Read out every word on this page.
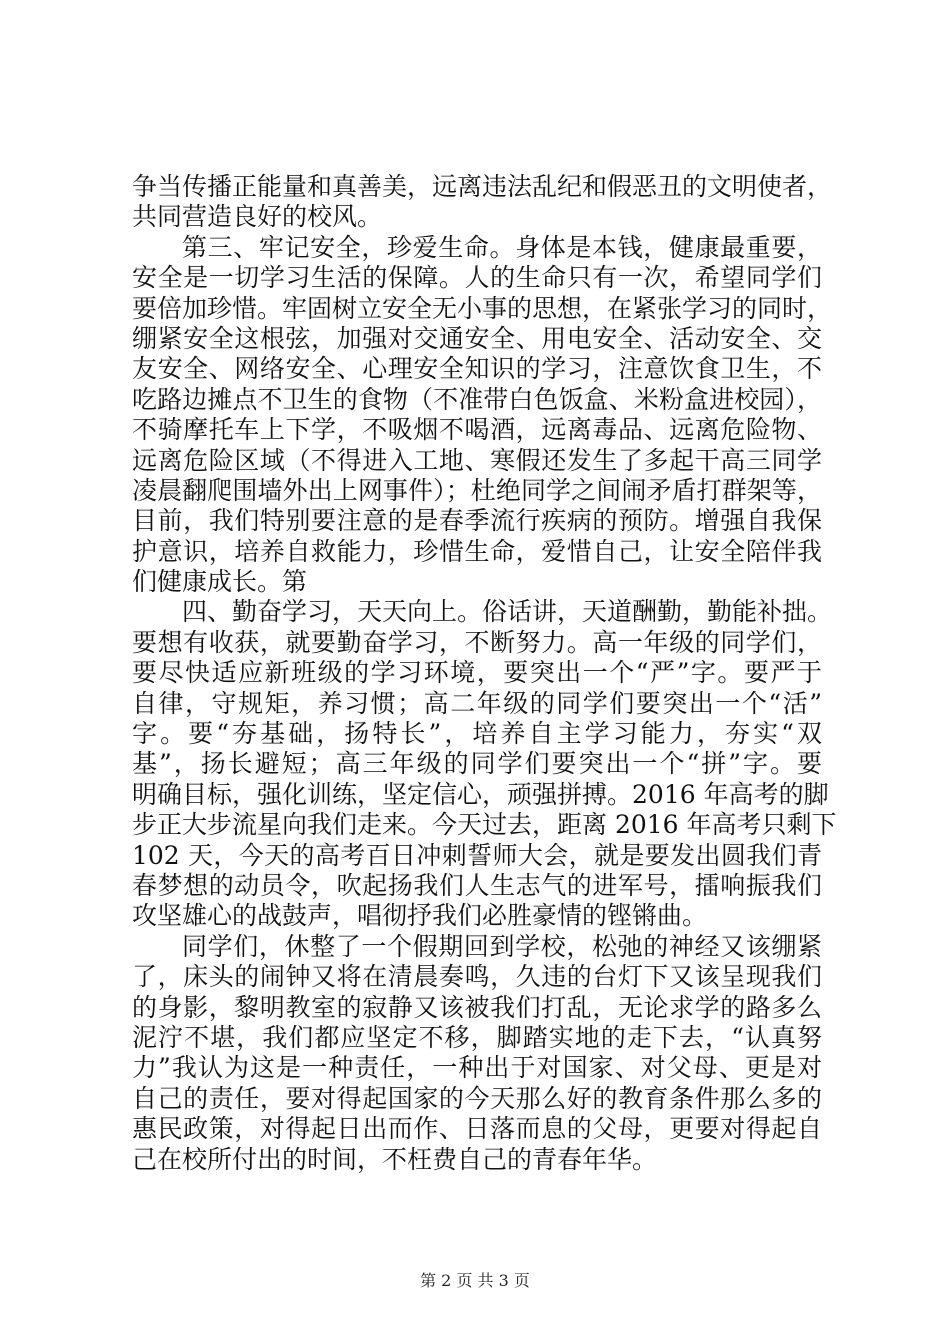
争当传播正能量和真善美，远离违法乱纪和假恶丑的文明使者，
共同营造良好的校风。
第三、牢记安全，珍爱生命。身体是本钱，健康最重要，
安全是一切学习生活的保障。人的生命只有一次，希望同学们
要倍加珍惜。牢固树立安全无小事的思想，在紧张学习的同时，
绷紧安全这根弦，加强对交通安全、用电安全、活动安全、交
友安全、网络安全、心理安全知识的学习，注意饮食卫生，不
吃路边摊点不卫生的食物（不准带白色饭盒、米粉盒进校园），
不骑摩托车上下学，不吸烟不喝酒，远离毒品、远离危险物、
远离危险区域（不得进入工地、寒假还发生了多起干高三同学
凌晨翻爬围墙外出上网事件）；杜绝同学之间闹矛盾打群架等，
目前，我们特别要注意的是春季流行疾病的预防。增强自我保
护意识，培养自救能力，珍惜生命，爱惜自己，让安全陪伴我
们健康成长。第
四、勤奋学习，天天向上。俗话讲，天道酬勤，勤能补拙。
要想有收获，就要勤奋学习，不断努力。高一年级的同学们，
要尽快适应新班级的学习环境，要突出一个“严”字。要严于
自律，守规矩，养习惯；高二年级的同学们要突出一个“活”
字。要“夯基础，扬特长”，培养自主学习能力，夯实“双
基”，扬长避短；高三年级的同学们要突出一个“拼”字。要
明确目标，强化训练，坚定信心，顽强拼搏。2016 年高考的脚
步正大步流星向我们走来。今天过去，距离 2016 年高考只剩下
102 天，今天的高考百日冲刺誓师大会，就是要发出圆我们青
春梦想的动员令，吹起扬我们人生志气的进军号，擂响振我们
攻坚雄心的战鼓声，唱彻抒我们必胜豪情的铿锵曲。
同学们，休整了一个假期回到学校，松弛的神经又该绷紧
了，床头的闹钟又将在清晨奏鸣，久违的台灯下又该呈现我们
的身影，黎明教室的寂静又该被我们打乱，无论求学的路多么
泥泞不堪，我们都应坚定不移，脚踏实地的走下去，“认真努
力”我认为这是一种责任，一种出于对国家、对父母、更是对
自己的责任，要对得起国家的今天那么好的教育条件那么多的
惠民政策，对得起日出而作、日落而息的父母，更要对得起自
己在校所付出的时间，不枉费自己的青春年华。
第 2 页 共 3 页
